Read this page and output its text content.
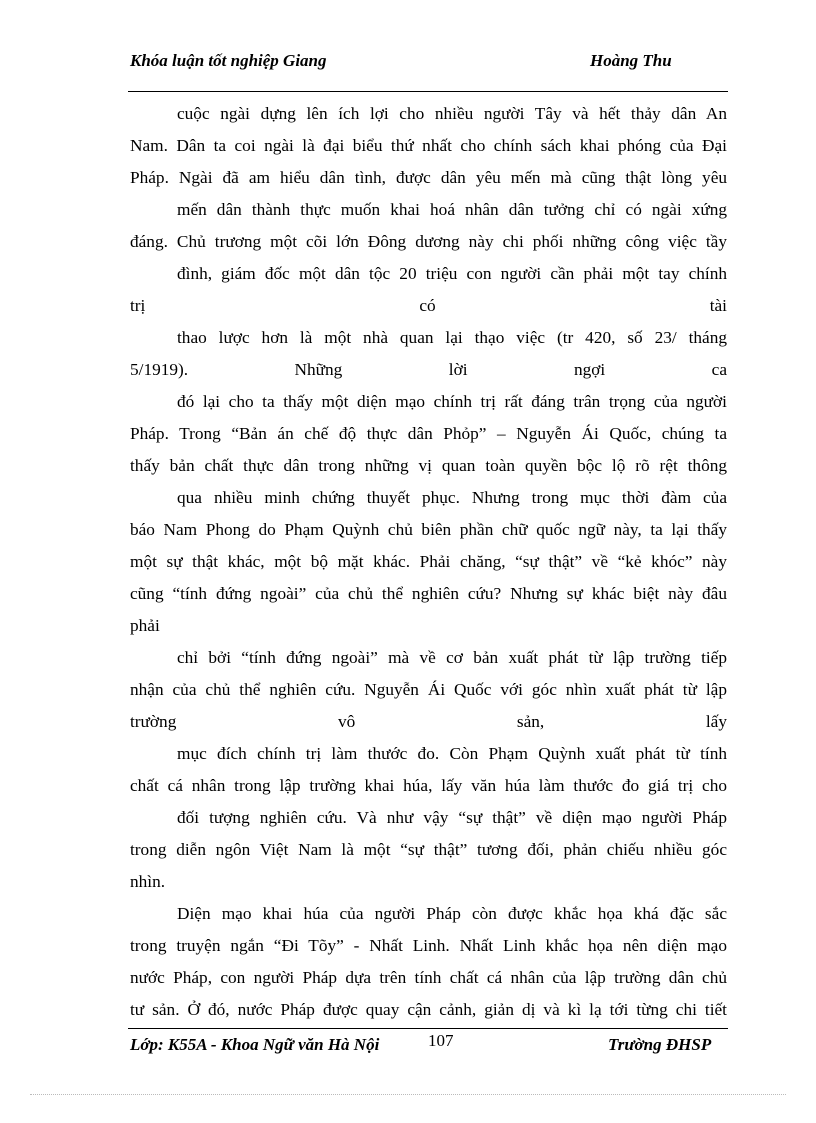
Khóa luận tốt nghiệp Giang	Hoàng Thu
cuộc ngài dựng lên ích lợi cho nhiều người Tây và hết thảy dân An
Nam. Dân ta coi ngài là đại biểu thứ nhất cho chính sách khai phóng của Đại
Pháp. Ngài đã am hiểu dân tình, được dân yêu mến mà cũng thật lòng yêu
mến dân thành thực muốn khai hoá nhân dân tưởng chỉ có ngài xứng
đáng. Chủ trương một cõi lớn Đông dương này chi phối những công việc tầy
đình, giám đốc một dân tộc 20 triệu con người cần phải một tay chính
trị có tài
thao lược hơn là một nhà quan lại thạo việc (tr 420, số 23/ tháng
5/1919). Những lời ngợi ca
đó lại cho ta thấy một diện mạo chính trị rất đáng trân trọng của người
Pháp. Trong “Bản án chế độ thực dân Phỏp” – Nguyễn Ái Quốc, chúng ta
thấy bản chất thực dân trong những vị quan toàn quyền bộc lộ rõ rệt thông
qua nhiều minh chứng thuyết phục. Nhưng trong mục thời đàm của
báo Nam Phong do Phạm Quỳnh chủ biên phần chữ quốc ngữ này, ta lại thấy
một sự thật khác, một bộ mặt khác. Phải chăng, “sự thật” về “kẻ khóc” này
cũng “tính đứng ngoài” của chủ thể nghiên cứu? Nhưng sự khác biệt này đâu
phải
chỉ bởi “tính đứng ngoài” mà về cơ bản xuất phát từ lập trường tiếp
nhận của chủ thể nghiên cứu. Nguyễn Ái Quốc với góc nhìn xuất phát từ lập
trường vô sản, lấy
mục đích chính trị làm thước đo. Còn Phạm Quỳnh xuất phát từ tính
chất cá nhân trong lập trường khai húa, lấy văn húa làm thước đo giá trị cho
đối tượng nghiên cứu. Và như vậy “sự thật” về diện mạo người Pháp
trong diễn ngôn Việt Nam là một “sự thật” tương đối, phản chiếu nhiều góc
nhìn.
Diện mạo khai húa của người Pháp còn được khắc họa khá đặc sắc
trong truyện ngắn “Đi Tõy” - Nhất Linh. Nhất Linh khắc họa nên diện mạo
nước Pháp, con người Pháp dựa trên tính chất cá nhân của lập trường dân chủ
tư sản. Ở đó, nước Pháp được quay cận cảnh, giản dị và kì lạ tới từng chi tiết
Lớp: K55A - Khoa Ngữ văn Hà Nội	107	Trường ĐHSP
